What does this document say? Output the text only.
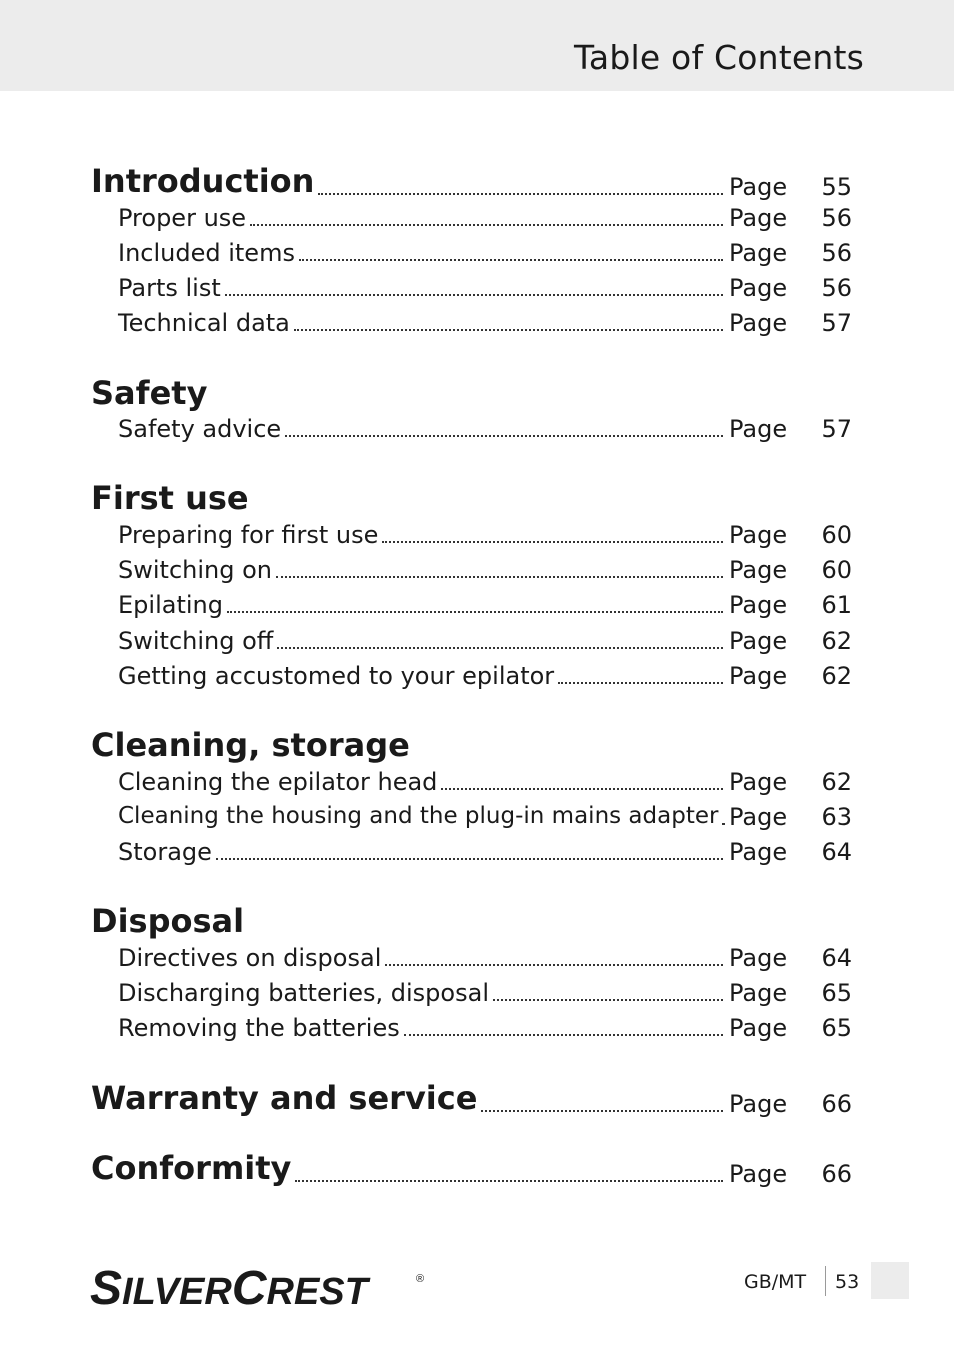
Table of Contents
Introduction	Page 55
Proper use	Page 56
Included items	Page 56
Parts list	Page 56
Technical data	Page 57
Safety
Safety advice	Page 57
First use
Preparing for first use	Page 60
Switching on	Page 60
Epilating	Page 61
Switching off	Page 62
Getting accustomed to your epilator	Page 62
Cleaning, storage
Cleaning the epilator head	Page 62
Cleaning the housing and the plug-in mains adapter Page 63
Storage	Page 64
Disposal
Directives on disposal	Page 64
Discharging batteries, disposal	Page 65
Removing the batteries	Page 65
Warranty and service	Page 66
Conformity	Page 66
SILVERCREST	®	GB/MT 53
